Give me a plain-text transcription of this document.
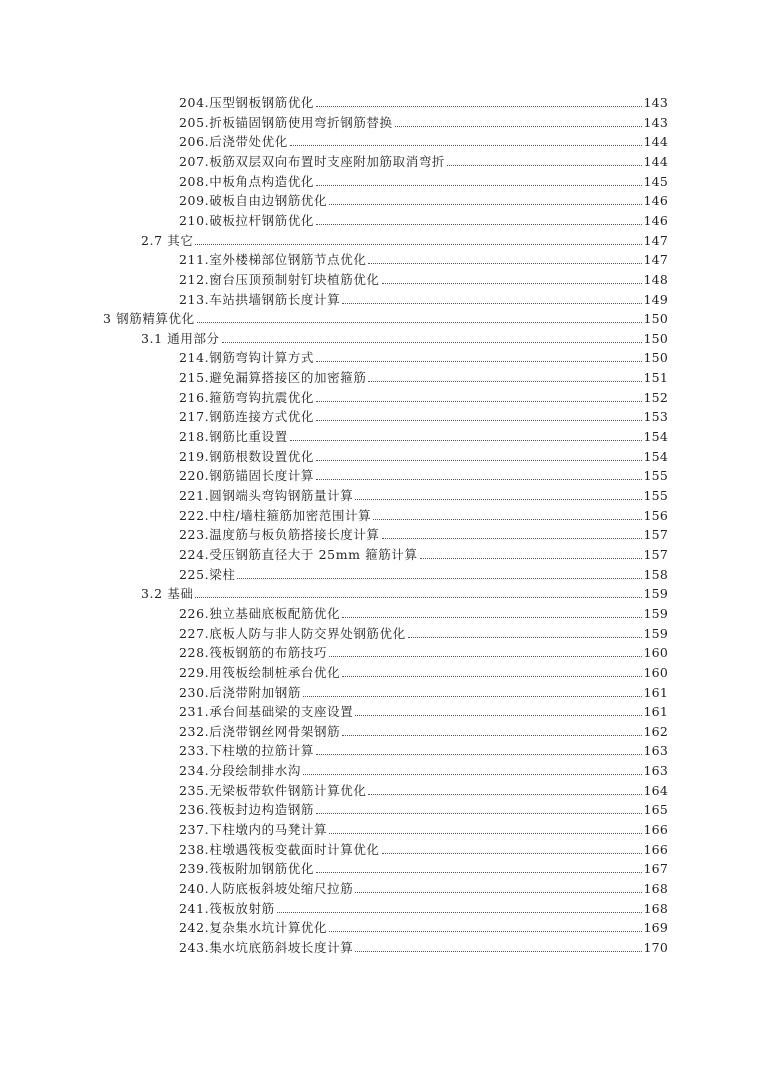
204.压型钢板钢筋优化	143
205.折板锚固钢筋使用弯折钢筋替换	143
206.后浇带处优化	144
207.板筋双层双向布置时支座附加筋取消弯折	144
208.中板角点构造优化	145
209.破板自由边钢筋优化	146
210.破板拉杆钢筋优化	146
2.7 其它	147
211.室外楼梯部位钢筋节点优化	147
212.窗台压顶预制射钉块植筋优化	148
213.车站拱墙钢筋长度计算	149
3 钢筋精算优化	150
3.1 通用部分	150
214.钢筋弯钩计算方式	150
215.避免漏算搭接区的加密箍筋	151
216.箍筋弯钩抗震优化	152
217.钢筋连接方式优化	153
218.钢筋比重设置	154
219.钢筋根数设置优化	154
220.钢筋锚固长度计算	155
221.圆钢端头弯钩钢筋量计算	155
222.中柱/墙柱箍筋加密范围计算	156
223.温度筋与板负筋搭接长度计算	157
224.受压钢筋直径大于 25mm 箍筋计算	157
225.梁柱	158
3.2 基础	159
226.独立基础底板配筋优化	159
227.底板人防与非人防交界处钢筋优化	159
228.筏板钢筋的布筋技巧	160
229.用筏板绘制桩承台优化	160
230.后浇带附加钢筋	161
231.承台间基础梁的支座设置	161
232.后浇带钢丝网骨架钢筋	162
233.下柱墩的拉筋计算	163
234.分段绘制排水沟	163
235.无梁板带软件钢筋计算优化	164
236.筏板封边构造钢筋	165
237.下柱墩内的马凳计算	166
238.柱墩遇筏板变截面时计算优化	166
239.筏板附加钢筋优化	167
240.人防底板斜坡处缩尺拉筋	168
241.筏板放射筋	168
242.复杂集水坑计算优化	169
243.集水坑底筋斜坡长度计算	170
